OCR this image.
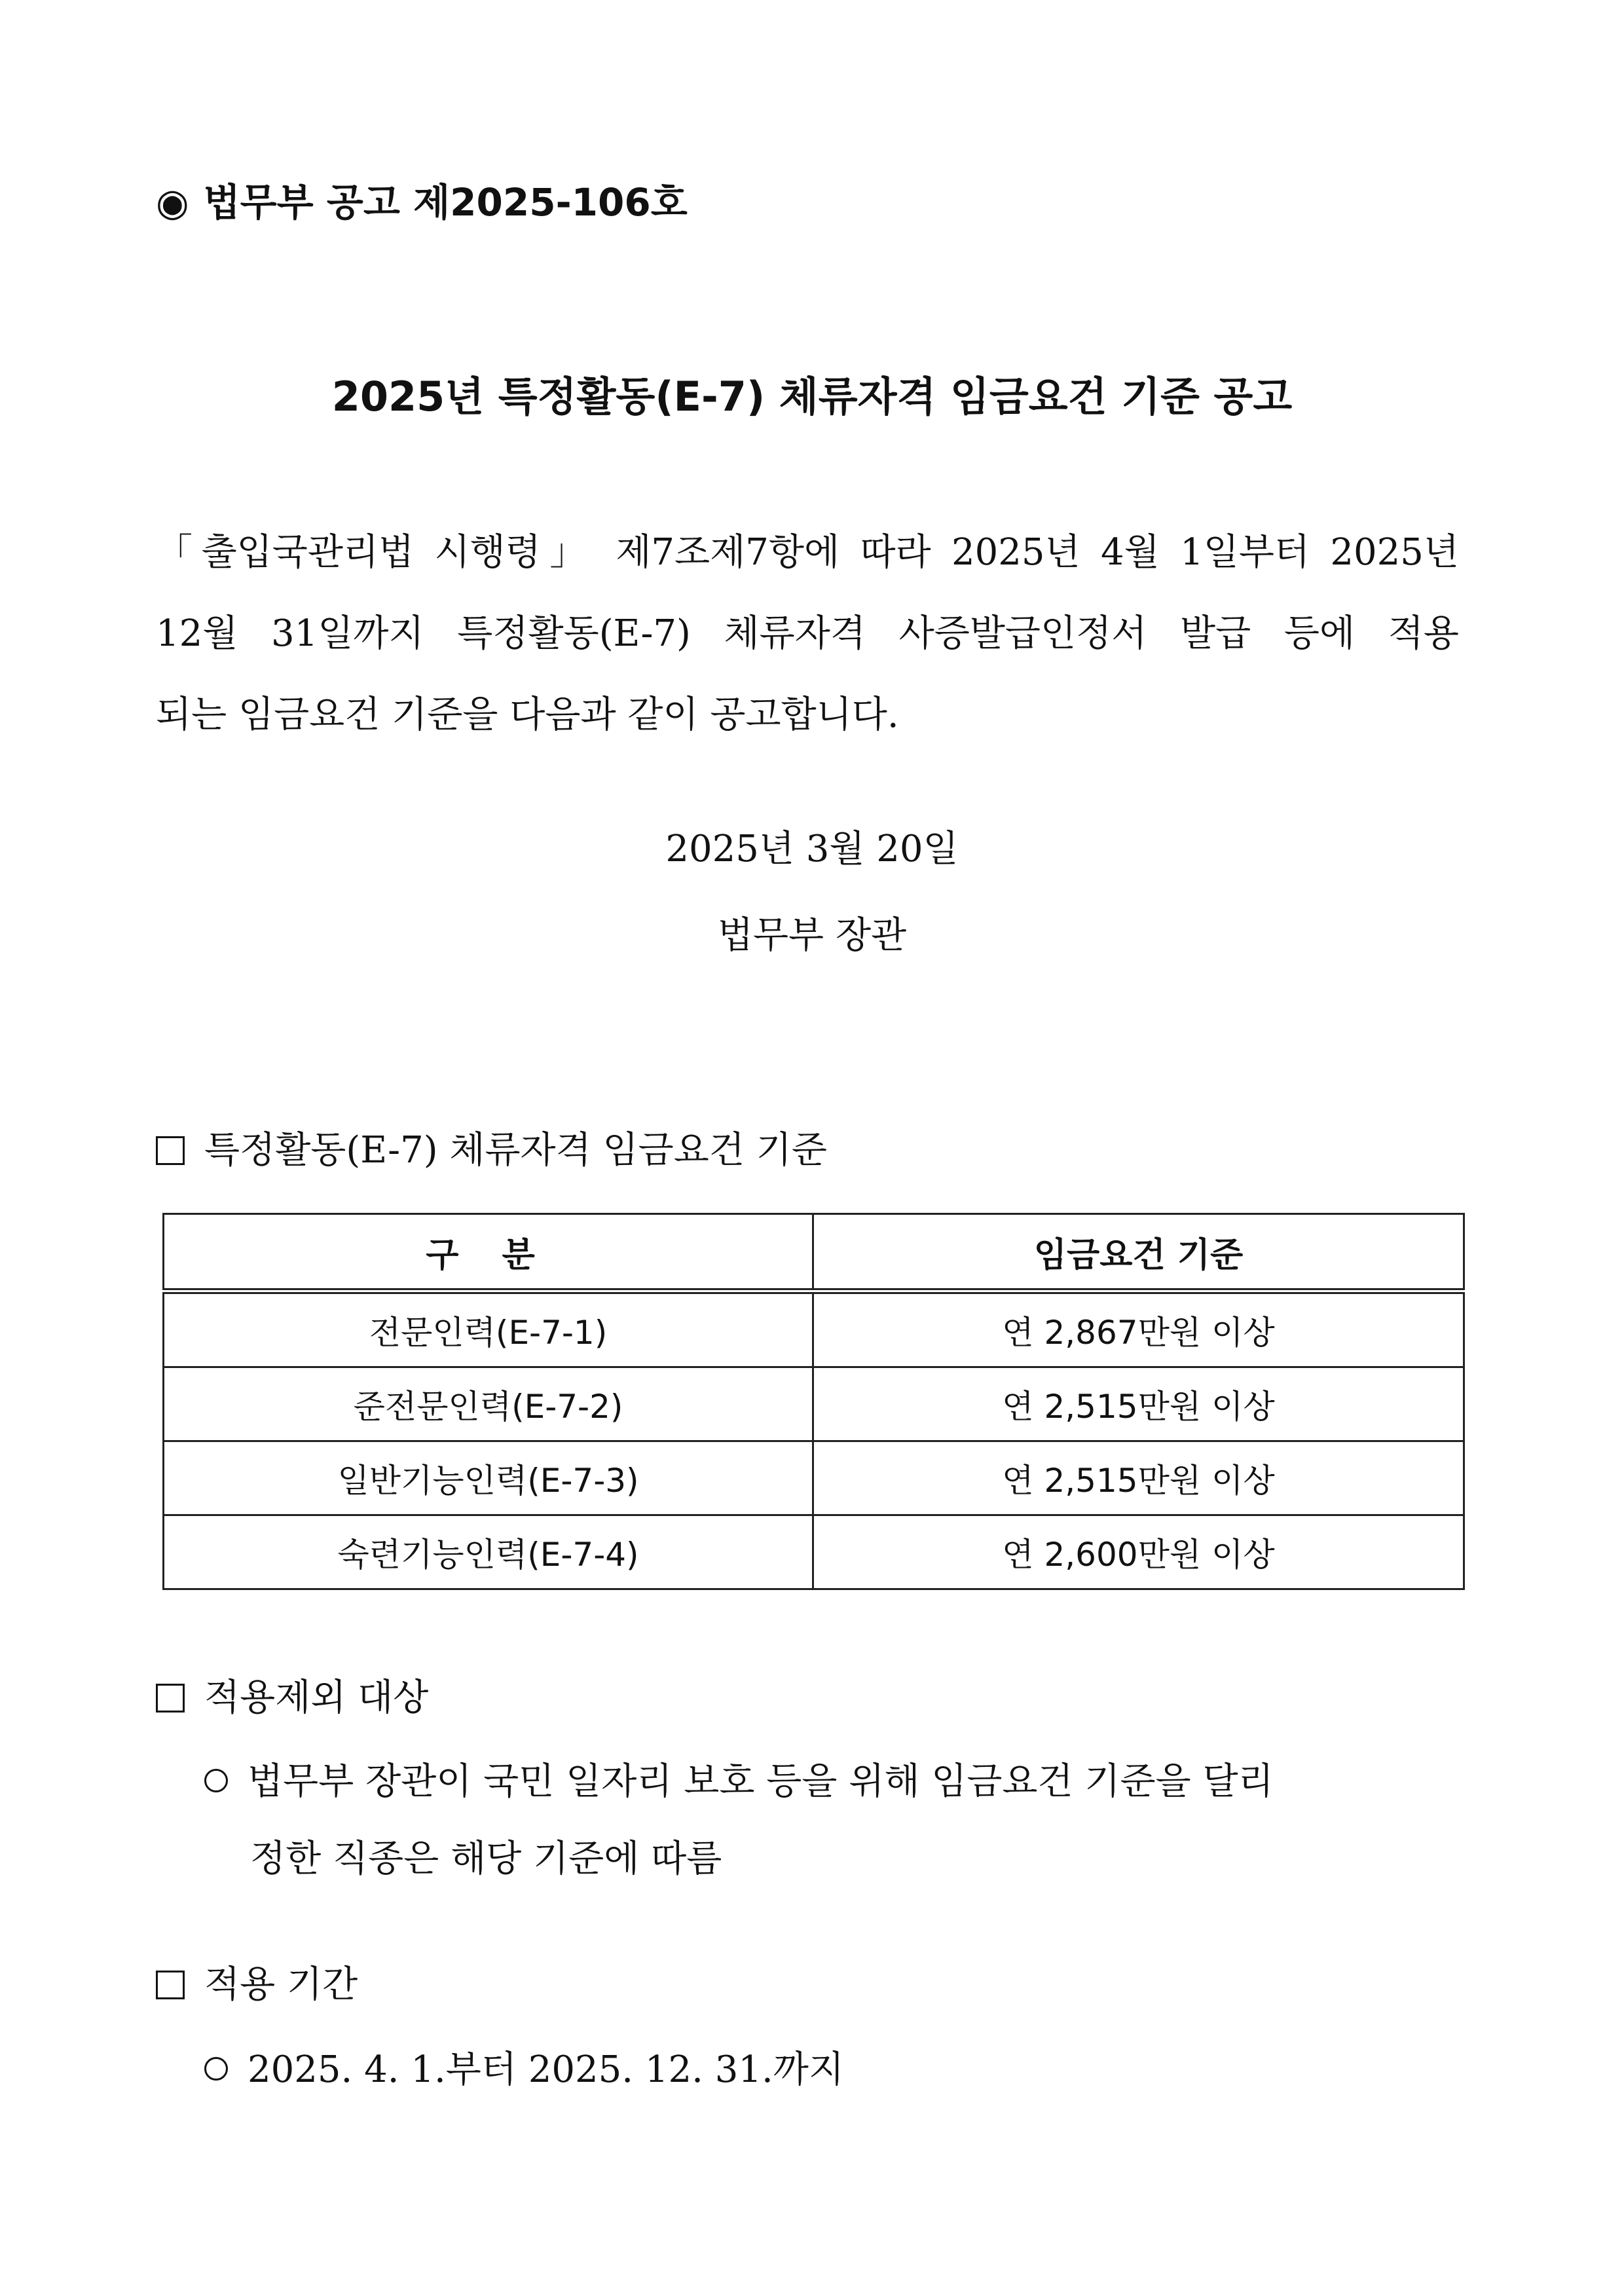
◉ 법무부 공고 제2025-106호
2025년 특정활동(E-7) 체류자격 임금요건 기준 공고
「출입국관리법 시행령」 제7조제7항에 따라 2025년 4월 1일부터 2025년
12월 31일까지 특정활동(E-7) 체류자격 사증발급인정서 발급 등에 적용
되는 임금요건 기준을 다음과 같이 공고합니다.
2025년 3월 20일
법무부 장관
특정활동(E-7) 체류자격 임금요건 기준
구 분	임금요건 기준
전문인력(E-7-1)	연 2,867만원 이상
준전문인력(E-7-2)	연 2,515만원 이상
일반기능인력(E-7-3)	연 2,515만원 이상
숙련기능인력(E-7-4)	연 2,600만원 이상
적용제외 대상
법무부 장관이 국민 일자리 보호 등을 위해 임금요건 기준을 달리
정한 직종은 해당 기준에 따름
적용 기간
2025. 4. 1.부터 2025. 12. 31.까지
